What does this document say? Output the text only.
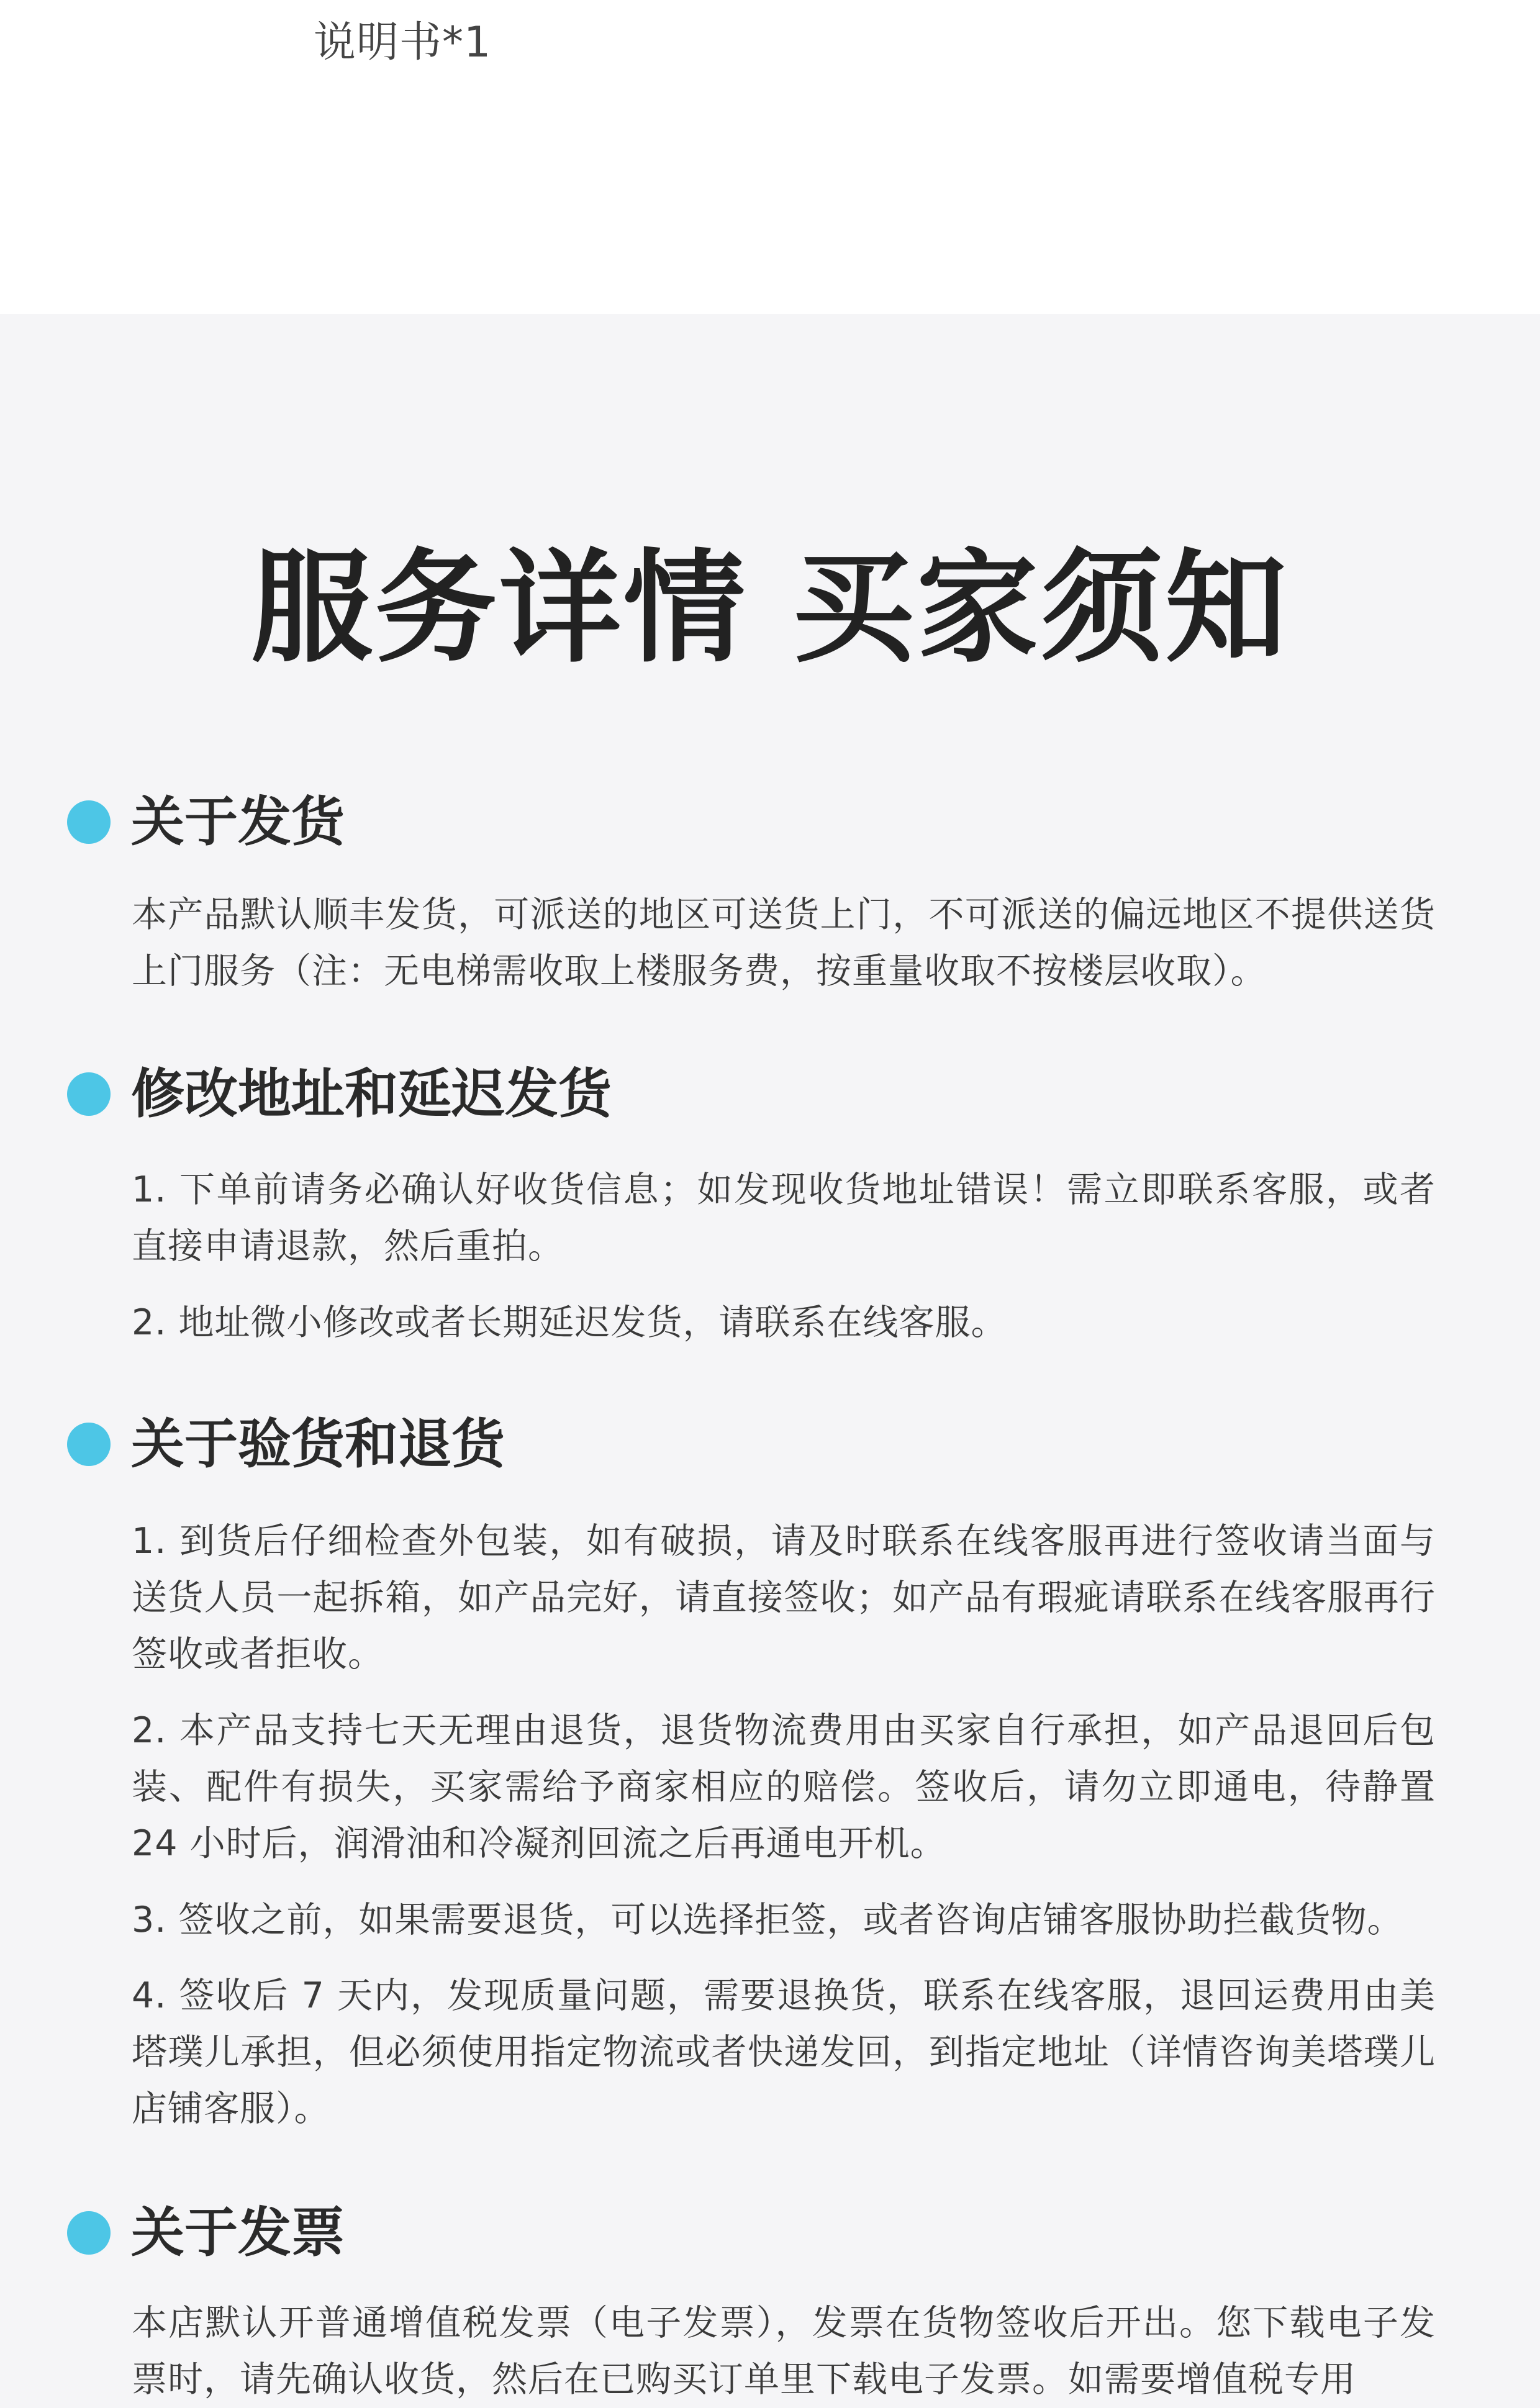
说明书*1
服务详情 买家须知
关于发货

本产品默认顺丰发货，可派送的地区可送货上门，不可派送的偏远地区不提供送货上门服务（注：无电梯需收取上楼服务费，按重量收取不按楼层收取）。

修改地址和延迟发货

1. 下单前请务必确认好收货信息；如发现收货地址错误！需立即联系客服，或者直接申请退款，然后重拍。

2. 地址微小修改或者长期延迟发货，请联系在线客服。

关于验货和退货

1. 到货后仔细检查外包装，如有破损，请及时联系在线客服再进行签收请当面与送货人员一起拆箱，如产品完好，请直接签收；如产品有瑕疵请联系在线客服再行签收或者拒收。

2. 本产品支持七天无理由退货，退货物流费用由买家自行承担，如产品退回后包装、配件有损失，买家需给予商家相应的赔偿。签收后，请勿立即通电，待静置24 小时后，润滑油和冷凝剂回流之后再通电开机。

3. 签收之前，如果需要退货，可以选择拒签，或者咨询店铺客服协助拦截货物。

4. 签收后 7 天内，发现质量问题，需要退换货，联系在线客服，退回运费用由美塔璞儿承担，但必须使用指定物流或者快递发回，到指定地址（详情咨询美塔璞儿店铺客服）。

关于发票

本店默认开普通增值税发票（电子发票），发票在货物签收后开出。您下载电子发票时，请先确认收货，然后在已购买订单里下载电子发票。如需要增值税专用
